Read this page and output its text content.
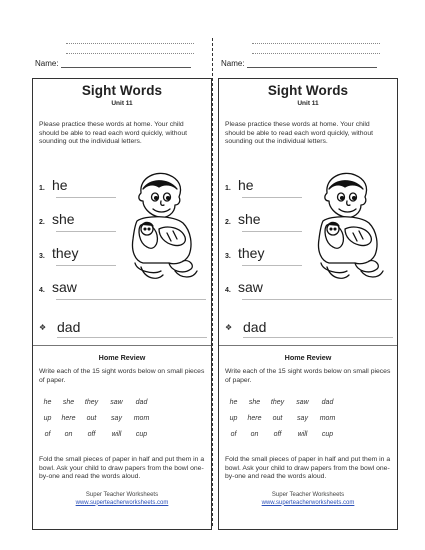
Name:
Sight Words
Unit 11
Please practice these words at home. Your child should be able to read each word quickly, without sounding out the individual letters.
1. he
2. she
3. they
4. saw
❖ dad
Home Review
Write each of the 15 sight words below on small pieces of paper.
he	she	they	saw	dad
up	here	out	say	mom
of	on	off	will	cup
Fold the small pieces of paper in half and put them in a bowl. Ask your child to draw papers from the bowl one-by-one and read the words aloud.
Super Teacher Worksheets
www.superteacherworksheets.com
Name:
Sight Words
Unit 11
Please practice these words at home. Your child should be able to read each word quickly, without sounding out the individual letters.
1. he
2. she
3. they
4. saw
❖ dad
Home Review
Write each of the 15 sight words below on small pieces of paper.
he	she	they	saw	dad
up	here	out	say	mom
of	on	off	will	cup
Fold the small pieces of paper in half and put them in a bowl. Ask your child to draw papers from the bowl one-by-one and read the words aloud.
Super Teacher Worksheets
www.superteacherworksheets.com
